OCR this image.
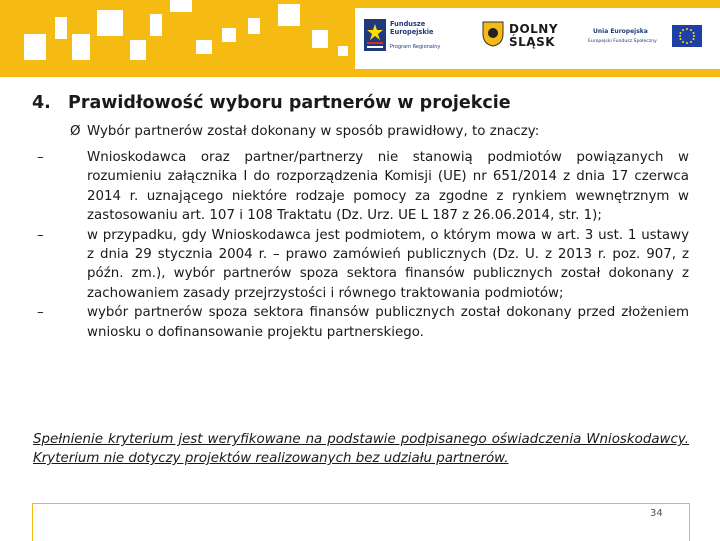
Fundusze
Europejskie
Program Regionalny
DOLNY
ŚLĄSK
Unia Europejska
Europejski Fundusz Społeczny
4. Prawidłowość wyboru partnerów w projekcie
Ø Wybór partnerów został dokonany w sposób prawidłowy, to znaczy:
–	Wnioskodawca oraz partner/partnerzy nie stanowią podmiotów powiązanych w rozumieniu załącznika I do rozporządzenia Komisji (UE) nr 651/2014 z dnia 17 czerwca 2014 r. uznającego niektóre rodzaje pomocy za zgodne z rynkiem wewnętrznym w zastosowaniu art. 107 i 108 Traktatu (Dz. Urz. UE L 187 z 26.06.2014, str. 1);
–	w przypadku, gdy Wnioskodawca jest podmiotem, o którym mowa w art. 3 ust. 1 ustawy z dnia 29 stycznia 2004 r. – prawo zamówień publicznych (Dz. U. z 2013 r. poz. 907, z późn. zm.), wybór partnerów spoza sektora finansów publicznych został dokonany z zachowaniem zasady przejrzystości i równego traktowania podmiotów;
–	wybór partnerów spoza sektora finansów publicznych został dokonany przed złożeniem wniosku o dofinansowanie projektu partnerskiego.
Spełnienie kryterium jest weryfikowane na podstawie podpisanego oświadczenia Wnioskodawcy. Kryterium nie dotyczy projektów realizowanych bez udziału partnerów.
34
